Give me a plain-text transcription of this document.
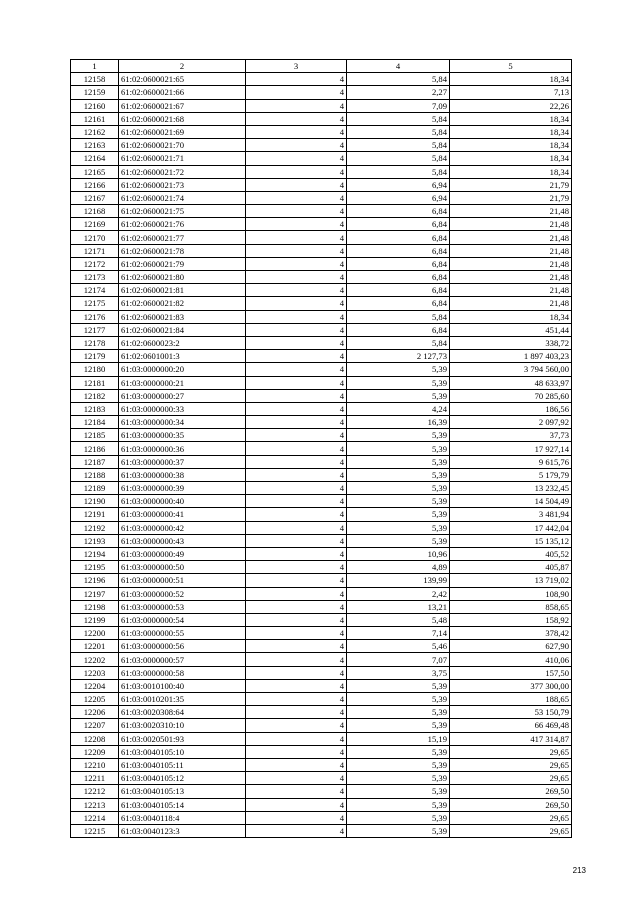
1	2	3	4	5
12158	61:02:0600021:65	4	5,84	18,34
12159	61:02:0600021:66	4	2,27	7,13
12160	61:02:0600021:67	4	7,09	22,26
12161	61:02:0600021:68	4	5,84	18,34
12162	61:02:0600021:69	4	5,84	18,34
12163	61:02:0600021:70	4	5,84	18,34
12164	61:02:0600021:71	4	5,84	18,34
12165	61:02:0600021:72	4	5,84	18,34
12166	61:02:0600021:73	4	6,94	21,79
12167	61:02:0600021:74	4	6,94	21,79
12168	61:02:0600021:75	4	6,84	21,48
12169	61:02:0600021:76	4	6,84	21,48
12170	61:02:0600021:77	4	6,84	21,48
12171	61:02:0600021:78	4	6,84	21,48
12172	61:02:0600021:79	4	6,84	21,48
12173	61:02:0600021:80	4	6,84	21,48
12174	61:02:0600021:81	4	6,84	21,48
12175	61:02:0600021:82	4	6,84	21,48
12176	61:02:0600021:83	4	5,84	18,34
12177	61:02:0600021:84	4	6,84	451,44
12178	61:02:0600023:2	4	5,84	338,72
12179	61:02:0601001:3	4	2 127,73	1 897 403,23
12180	61:03:0000000:20	4	5,39	3 794 560,00
12181	61:03:0000000:21	4	5,39	48 633,97
12182	61:03:0000000:27	4	5,39	70 285,60
12183	61:03:0000000:33	4	4,24	186,56
12184	61:03:0000000:34	4	16,39	2 097,92
12185	61:03:0000000:35	4	5,39	37,73
12186	61:03:0000000:36	4	5,39	17 927,14
12187	61:03:0000000:37	4	5,39	9 615,76
12188	61:03:0000000:38	4	5,39	5 179,79
12189	61:03:0000000:39	4	5,39	13 232,45
12190	61:03:0000000:40	4	5,39	14 504,49
12191	61:03:0000000:41	4	5,39	3 481,94
12192	61:03:0000000:42	4	5,39	17 442,04
12193	61:03:0000000:43	4	5,39	15 135,12
12194	61:03:0000000:49	4	10,96	405,52
12195	61:03:0000000:50	4	4,89	405,87
12196	61:03:0000000:51	4	139,99	13 719,02
12197	61:03:0000000:52	4	2,42	108,90
12198	61:03:0000000:53	4	13,21	858,65
12199	61:03:0000000:54	4	5,48	158,92
12200	61:03:0000000:55	4	7,14	378,42
12201	61:03:0000000:56	4	5,46	627,90
12202	61:03:0000000:57	4	7,07	410,06
12203	61:03:0000000:58	4	3,75	157,50
12204	61:03:0010100:40	4	5,39	377 300,00
12205	61:03:0010201:35	4	5,39	188,65
12206	61:03:0020308:64	4	5,39	53 150,79
12207	61:03:0020310:10	4	5,39	66 469,48
12208	61:03:0020501:93	4	15,19	417 314,87
12209	61:03:0040105:10	4	5,39	29,65
12210	61:03:0040105:11	4	5,39	29,65
12211	61:03:0040105:12	4	5,39	29,65
12212	61:03:0040105:13	4	5,39	269,50
12213	61:03:0040105:14	4	5,39	269,50
12214	61:03:0040118:4	4	5,39	29,65
12215	61:03:0040123:3	4	5,39	29,65
213
